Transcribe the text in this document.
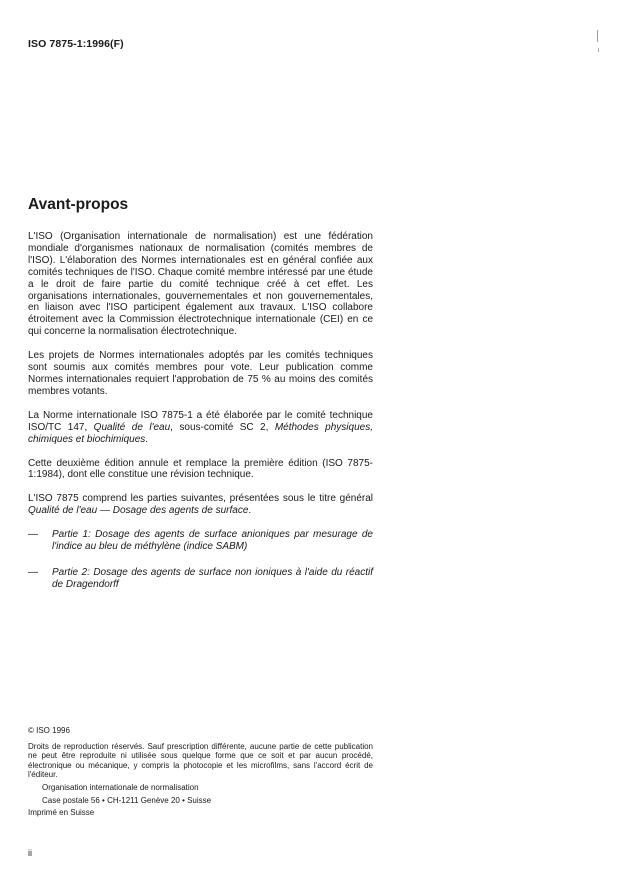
ISO 7875-1:1996(F)
Avant-propos

L'ISO (Organisation internationale de normalisation) est une fédération mondiale d'organismes nationaux de normalisation (comités membres de l'ISO). L'élaboration des Normes internationales est en général confiée aux comités techniques de l'ISO. Chaque comité membre intéressé par une étude a le droit de faire partie du comité technique créé à cet effet. Les organisations internationales, gouvernementales et non gouvernementales, en liaison avec l'ISO participent également aux travaux. L'ISO collabore étroitement avec la Commission électrotechnique internationale (CEI) en ce qui concerne la normalisation électrotechnique.

Les projets de Normes internationales adoptés par les comités techniques sont soumis aux comités membres pour vote. Leur publication comme Normes internationales requiert l'approbation de 75 % au moins des comités membres votants.

La Norme internationale ISO 7875-1 a été élaborée par le comité technique ISO/TC 147, Qualité de l'eau, sous-comité SC 2, Méthodes physiques, chimiques et biochimiques.

Cette deuxième édition annule et remplace la première édition (ISO 7875-1:1984), dont elle constitue une révision technique.

L'ISO 7875 comprend les parties suivantes, présentées sous le titre général Qualité de l'eau — Dosage des agents de surface.

—	Partie 1: Dosage des agents de surface anioniques par mesurage de l'indice au bleu de méthylène (indice SABM)
—	Partie 2: Dosage des agents de surface non ioniques à l'aide du réactif de Dragendorff
© ISO 1996
Droits de reproduction réservés. Sauf prescription différente, aucune partie de cette publication ne peut être reproduite ni utilisée sous quelque forme que ce soit et par aucun procédé, électronique ou mécanique, y compris la photocopie et les microfilms, sans l'accord écrit de l'éditeur.
Organisation internationale de normalisation
Case postale 56 • CH-1211 Genève 20 • Suisse
Imprimé en Suisse
ii
